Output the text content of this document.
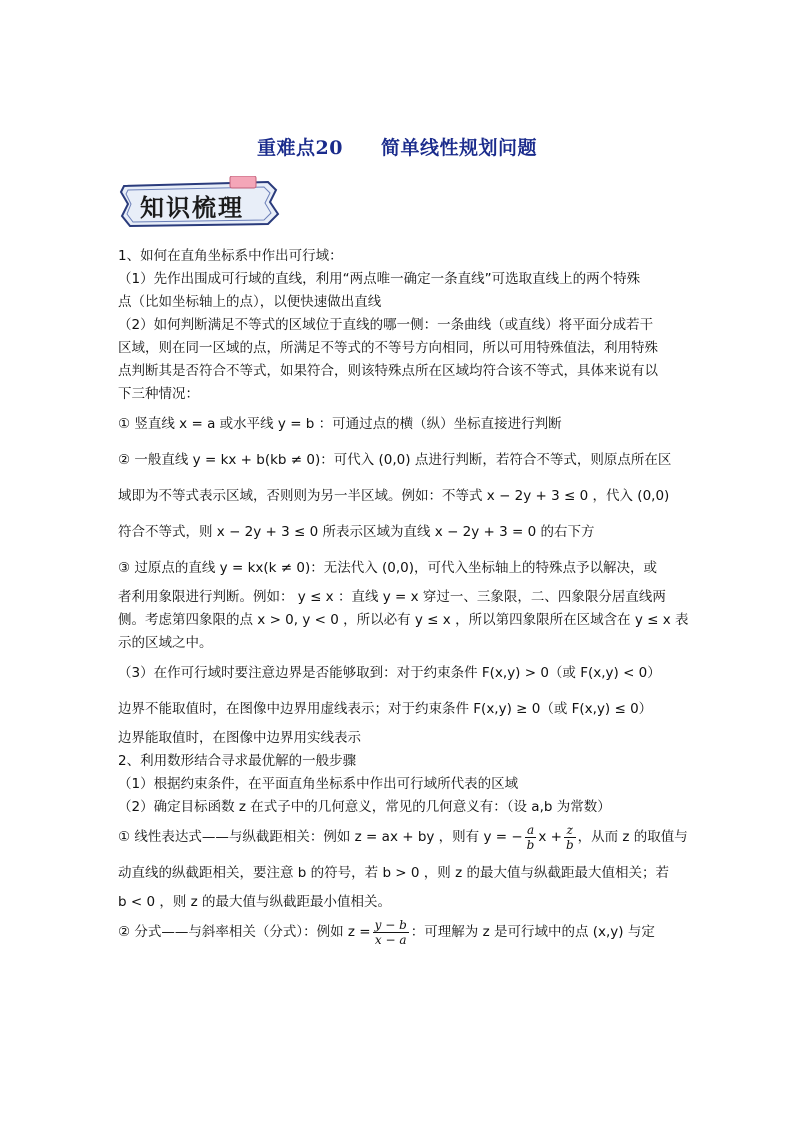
重难点20 简单线性规划问题
知识梳理
1、如何在直角坐标系中作出可行域：
（1）先作出围成可行域的直线，利用“两点唯一确定一条直线”可选取直线上的两个特殊
点（比如坐标轴上的点），以便快速做出直线
（2）如何判断满足不等式的区域位于直线的哪一侧：一条曲线（或直线）将平面分成若干
区域，则在同一区域的点，所满足不等式的不等号方向相同，所以可用特殊值法，利用特殊
点判断其是否符合不等式，如果符合，则该特殊点所在区域均符合该不等式，具体来说有以
下三种情况：
① 竖直线 x = a 或水平线 y = b ：可通过点的横（纵）坐标直接进行判断
② 一般直线 y = kx + b(kb ≠ 0)：可代入 (0,0) 点进行判断，若符合不等式，则原点所在区
域即为不等式表示区域，否则则为另一半区域。例如：不等式 x − 2y + 3 ≤ 0 ，代入 (0,0)
符合不等式，则 x − 2y + 3 ≤ 0 所表示区域为直线 x − 2y + 3 = 0 的右下方
③ 过原点的直线 y = kx(k ≠ 0)：无法代入 (0,0)，可代入坐标轴上的特殊点予以解决，或
者利用象限进行判断。例如： y ≤ x ：直线 y = x 穿过一、三象限，二、四象限分居直线两
侧。考虑第四象限的点 x > 0, y < 0 ，所以必有 y ≤ x ，所以第四象限所在区域含在 y ≤ x 表
示的区域之中。
（3）在作可行域时要注意边界是否能够取到：对于约束条件 F(x,y) > 0（或 F(x,y) < 0）
边界不能取值时，在图像中边界用虚线表示；对于约束条件 F(x,y) ≥ 0（或 F(x,y) ≤ 0）
边界能取值时，在图像中边界用实线表示
2、利用数形结合寻求最优解的一般步骤
（1）根据约束条件，在平面直角坐标系中作出可行域所代表的区域
（2）确定目标函数 z 在式子中的几何意义，常见的几何意义有：（设 a,b 为常数）
① 线性表达式——与纵截距相关：例如 z = ax + by ，则有 y = − $\frac{a}{b}$ $x + \frac{z}{b}$ ，从而 z 的取值与
动直线的纵截距相关，要注意 b 的符号，若 b > 0 ，则 z 的最大值与纵截距最大值相关；若
b < 0 ，则 z 的最大值与纵截距最小值相关。
② 分式——与斜率相关（分式）：例如 $z = \frac{y - b}{x - a}$ ：可理解为 z 是可行域中的点 (x,y) 与定
